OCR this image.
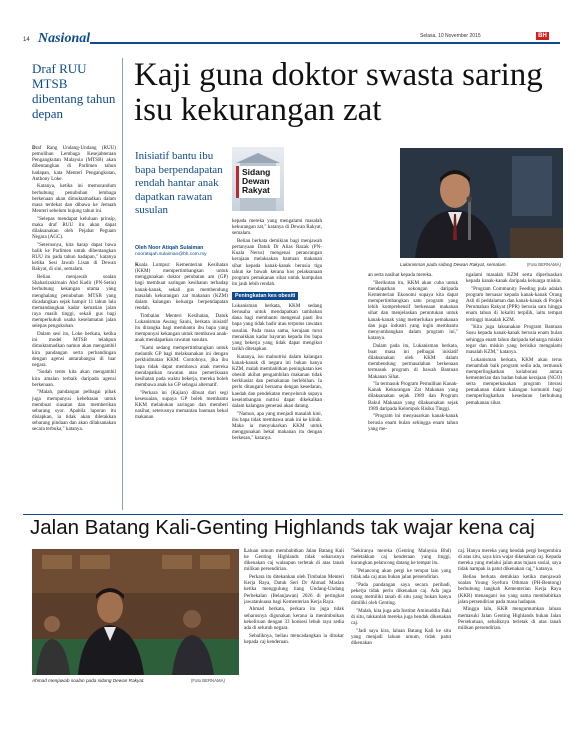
14 Nasional	Selasa, 10 November 2015	BH
Draf RUU MTSB dibentang tahun depan

Draf Rang Undang-Undang (RUU) pemulihan Lembaga Kesejahteraan Pengangkutan Malaysia (MTSB) akan dibentangkan di Parlimen tahun hadapan, kata Menteri Pengangkutan, Anthony Loke.

Katanya, ketika ini memorandum berhubung penubuhan lembaga berkenaan akan dimuktamadkan dalam masa terdekat dan dibawa ke Jemaah Menteri sebelum hujung tahun ini.

"Selepas mendapat keluluan prinsip, maka draf RUU itu akan dapat dilaksanakan oleh Pejabat Peguam Negara (AGC).

"Seterusnya, kita harap dapat bawa balik ke Parlimen untuk dibentangkan RUU itu pada tahun hadapan," katanya ketika Sesi Jawab Lisan di Dewan Rakyat, di sini, semalam.

Beliau menjawab soalan Shaharizukirnain Abd Kadir (PN-Setiu) berhubung kekangan utama yang menghalang penubuhan MTSB yang dicadangkan sejak hampir 11 tahun lalu memandangkan kadar kematian jalan raya masih tinggi, sekali gus bagi memperkukuh usaha keselamatan jalan selepas pengukuhan.

Dalam sesi itu, Loke berkata, ketika ini model MTSB telahpun dimuktamadkan namun akan mengambil kira pandangan serta perbandingan dengan agensi antarabangsa di luar negara.

"Sudah tentu kita akan mengambil kira amalan terbaik daripada agensi berkenaan.

"Malah, pandangan pelbagai pihak juga mempunyai kebebasan untuk membuat siasatan dan memberikan sebarang syor. Apabila laporan itu disiapkan, ia tidak akan diletakkan sebarang pindaan dan akan dilaksanakan secara terbuka," katanya.

Kaji guna doktor swasta saring isu kekurangan zat
Inisiatif bantu ibu bapa berpendapatan rendah hantar anak dapatkan rawatan susulan
Oleh Noor Atiqah Sulaiman
nooratiqah.sulaiman@bh.com.my
Sidang
Dewan
Rakyat
Lukanisman pada sidang Dewan Rakyat, semalam.	(Foto BERNAMA)

Kuala Lumpur: Kementerian Kesihatan (KKM) mempertimbangkan untuk menggunakan doktor perubatan am (GP) bagi membuat saringan kesihatan terhadap kanak-kanak, sekali gus membendung masalah kekurangan zat makanan (KZM) dalam kalangan keluarga berpendapatan rendah.

Timbalan Menteri Kesihatan, Datuk Lukanisman Awang Sauni, berkata inisiatif itu dirangka bagi membantu ibu bapa yang mempunyai kekangan untuk membawa anak-anak mendapatkan rawatan susulan.

"Kami sedang mempertimbangkan untuk melantik GP bagi melaksanakan ini dengan perkhidmatan KKM. Contohnya, jika ibu bapa tidak dapat membawa anak mereka mendapatkan rawatan atau pemeriksaan kesihatan pada waktu bekerja, mereka boleh membawa anak ke GP sebagai alternatif.

"Perkara ini (Kajian) dibuat dari segi kesesuaian, supaya GP boleh membantu KKM melakukan saringan dan memberi nasihat, seterusnya memantau bantuan bekal makanan

kepada mereka yang mengalami masalah kekurangan zat," katanya di Dewan Rakyat, semalam.

Beliau berkata demikian bagi menjawab pertanyaan Datuk Dr Alias Razak (PN-Kuala Nerus) mengenai perancangan kerajaan melaksakan bantuan makanan sihat kepada kanak-kanak berusia tiga tahun ke bawah kerana kos pelaksanaan program pemakanan sihat untuk kumpulan itu jauh lebih rendah.

Peningkatan kes obesiti

Lukanisman berkata, KKM sedang berusaha untuk mendapatkan tambahan dana bagi membantu mengenal pasti ibu bapa yang tidak hadir atau terputus rawatan susulan. Pada masa sama, kerajaan turut menaikkan kadar bayaran kepada ibu bapa yang bekerja yang tidak dapat mengikut tarikh ditetapkan.

Katanya, isu malnutrisi dalam kalangan kanak-kanak di negara ini bukan hanya KZM, malah membabitkan peningkatan kes obesiti akibat pengambilan makanan tidak berkhasiat dan pemakanan berlebihan. Ia perlu ditangani bersama dengan kesedaran, kaedah dan pendekatan menyeluruh supaya keseimbangan nutrisi dapat dikekalkan dalam kalangan generasi akan datang.

"Namun, apa yang menjadi masalah kini, ibu bapa tidak membawa anak ini ke klinik. Maka ia menyukarkan KKM untuk menggunakan bekal makanan itu dengan berkesan," katanya.

an serta nasihat kepada mereka.

"Berikutan itu, KKM akan cuba untuk mendapatkan sokongan daripada Kementerian Ekonomi supaya kita dapat mempertimbangkan satu program yang lebih komprehensif berkenaan makanan sihat dan menjelaskan peruntukan untuk kanak-kanak yang memerlukan pemakanan dan juga industri yang ingin membantu menyumbangkan dalam program ini," katanya.

Dalam pada itu, Lukanisman berkata, buat masa ini pelbagai inisiatif dilaksanakan oleh KKM dalam membendung permasalahan berkenaan termasuk program di bawah Bantuan Makanan Sihat.

"Ia termasuk Program Pemulihan Kanak-Kanak Kekurangan Zat Makanan yang dilaksanakan sejak 1989 dan Program Bakul Makanan yang dilaksanakan sejak 1989 daripada Kelompok Risiko Tinggi.

"Program ini menyasarkan kanak-kanak berusia enam bulan sehingga enam tahun yang me-

ngalami masalah KZM serta diperluaskan kepada kanak-kanak daripada keluarga miskin.

"Program Community Feeding pula adalah program bersasar kepada kanak-kanak Orang Asli di peddalaman dan kanak-kanak di Projek Perumahan Rakyat (PPR) berusia satu hingga enam tahun di lokaliti terpilih, iaitu tempat tertinggi masalah KZM.

"Kita juga laksanakan Program Bantuan Susu kepada kanak-kanak berusia enam bulan sehingga enam tahun daripada keluarga miskin tegar dan miskin yang berisiko mengalami masalah KZM," katanya.

Lukanisman berkata, KKM akan terus menambah baik program sedia ada, termasuk memperlingkatkan kolaborasi antara kementerian dan badan bukan kerajaan (NGO) serta memperkasakan program literasi pemakanan dalam kalangan komuniti bagi memperlingkatkan kesedaran berhubung pemakanan sihat.

Jalan Batang Kali-Genting Highlands tak wajar kena caj
Ahmad menjawab soalan pada sidang Dewan Rakyat.	(Foto BERNAMA)

Laluan umum membabitkan Jalan Batang Kali ke Genting Highlands tidak seharusnya dikenakan caj walaupun terletak di atas tanah milikan persendirian.

Perkara itu ditekankan oleh Timbalan Menteri Kerja Raya, Datuk Seri Dr Ahmad Maslan ketika menggulung tiang Undang-Undang Perbekalan (Belanjawan) 2026 di peringkat jawatankuasa bagi Kementerian Kerja Raya.

Ahmad berkata, perkara itu juga tidak seharusnya digunakan kerana ia menimbulkan kekeliruan dengan 33 konsesi lebuh raya sedia ada di seluruh negara.

Sebaliknya, beliau mencadangkan ia ditukar kepada caj kenderaan.

"Sekiranya mereka (Genting Malaysia Bhd) meletakkan caj kenderaan yang tinggi, kurangkan pelancong datang ke tempat itu.

"Pelancong akan pergi ke tempat lain yang tidak ada caj atau bukan jalan persendirian.

"Pada pandangan saya secara peribadi, pekerja tidak perlu dikenakan caj. Ada juga orang memiliki tanah di situ yang bukan hanya dimiliki oleh Genting.

"Malah, kita juga ada Institut Aminuddin Baki di situ, takkanlah mereka juga hendak dikenakan caj.

"Jadi saya kira, laluan Batang Kali ke situ yang menjadi laluan umum, tidak patut dikenakan

caj. Hanya mereka yang hendak pergi bergembira di atas situ, saya kira wajar dikenakan caj. Kepada mereka yang melalui jalan atas tujuan sosial, saya tidak nampak ia patut dikenakan caj," katanya.

Beliau berkata demikian ketika menjawab soalan Young Syefura Othman (PH-Bentong) berhubung langkah Kementerian Kerja Raya (KKR) menangani isu yang sama membabitkan jalan persendirian pada masa hadapan.

Minggu lalu, KKR mengumumkan laluan memasuki Jalan Genting Highlands bukan Jalan Persekutuan, sebaliknya terletak di atas tanah milikan persendirian.
